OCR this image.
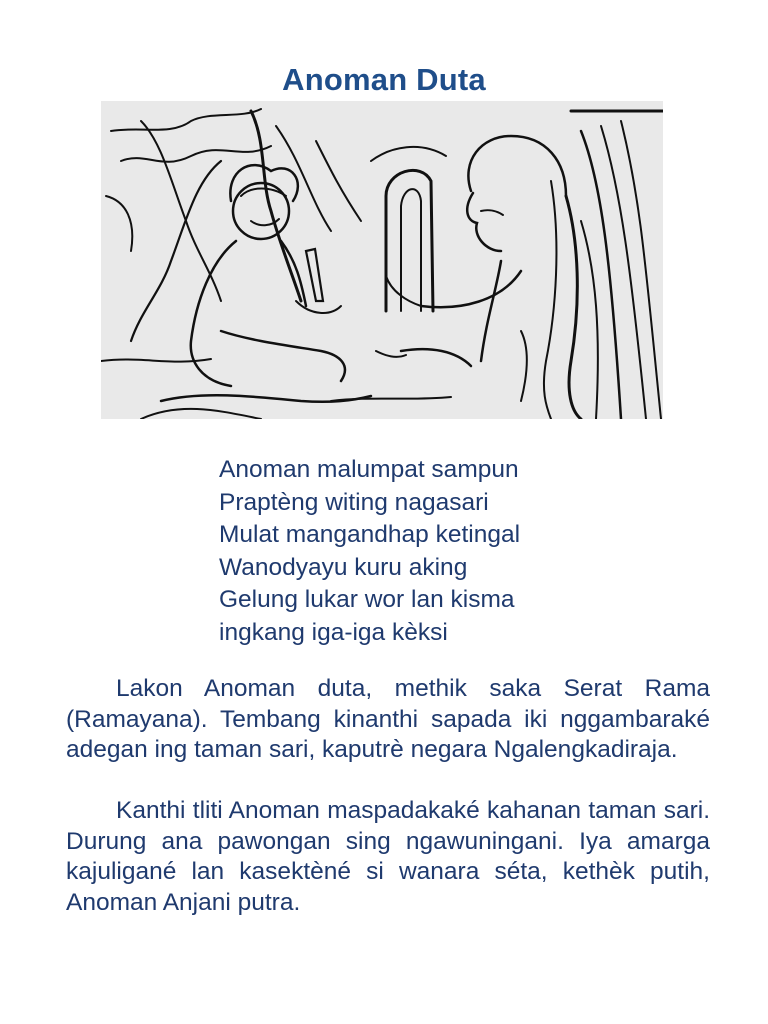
Anoman Duta
Anoman malumpat sampun
Praptèng witing nagasari
Mulat mangandhap ketingal
Wanodyayu kuru aking
Gelung lukar wor lan kisma
ingkang iga-iga kèksi

Lakon Anoman duta, methik saka Serat Rama (Ramayana). Tembang kinanthi sapada iki nggambaraké adegan ing taman sari, kaputrè negara Ngalengkadiraja.

Kanthi tliti Anoman maspadakaké kahanan taman sari. Durung ana pawongan sing ngawuningani. Iya amarga kajuligané lan kasektèné si wanara séta, kethèk putih, Anoman Anjani putra.
